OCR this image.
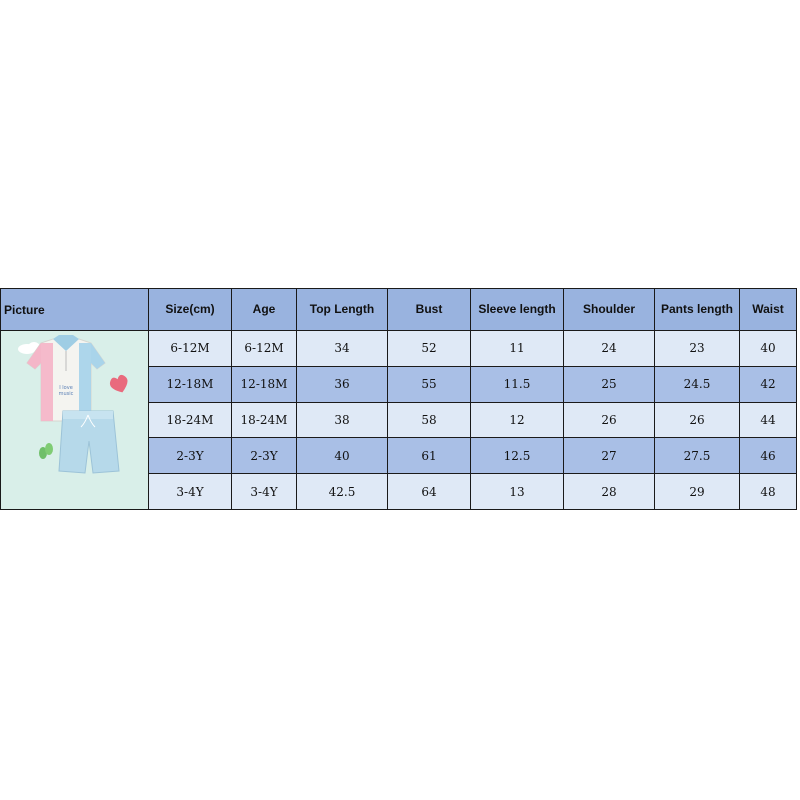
Picture
I love
music
Size(cm)	Age	Top Length	Bust	Sleeve length	Shoulder	Pants length	Waist
6-12M	6-12M	34	52	11	24	23	40
12-18M	12-18M	36	55	11.5	25	24.5	42
18-24M	18-24M	38	58	12	26	26	44
2-3Y	2-3Y	40	61	12.5	27	27.5	46
3-4Y	3-4Y	42.5	64	13	28	29	48
